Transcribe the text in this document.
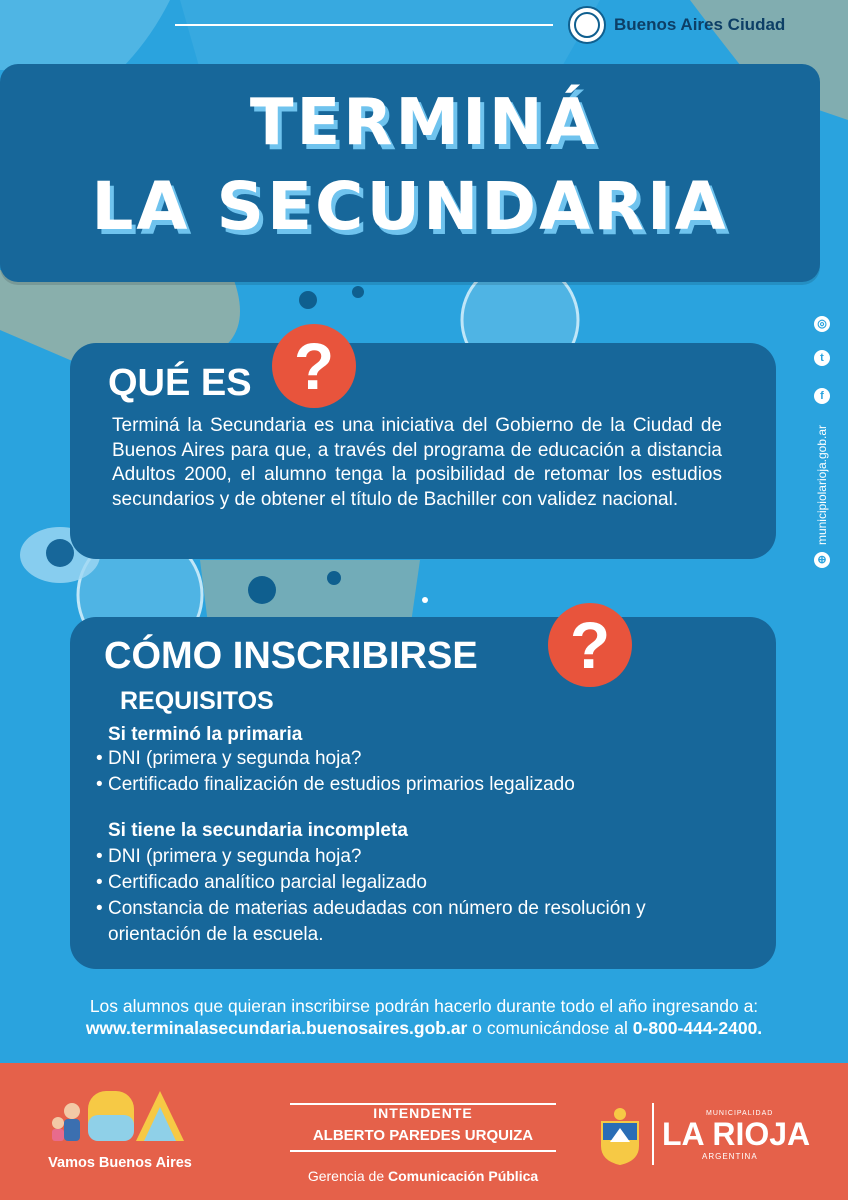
Buenos Aires Ciudad
TERMINÁ
LA SECUNDARIA
QUÉ ES ?
Terminá la Secundaria es una iniciativa del Gobierno de la Ciudad de Buenos Aires para que, a través del programa de educación a distancia Adultos 2000, el alumno tenga la posibilidad de retomar los estudios secundarios y de obtener el título de Bachiller con validez nacional.
CÓMO INSCRIBIRSE	?
REQUISITOS
Si terminó la primaria
• DNI (primera y segunda hoja?
• Certificado finalización de estudios primarios legalizado
Si tiene la secundaria incompleta
• DNI (primera y segunda hoja?
• Certificado analítico parcial legalizado
• Constancia de materias adeudadas con número de resolución y orientación de la escuela.
Los alumnos que quieran inscribirse podrán hacerlo durante todo el año ingresando a:
www.terminalasecundaria.buenosaires.gob.ar o comunicándose al 0-800-444-2400.
◎
t
f
⊕
municipiolarioja.gob.ar
Vamos Buenos Aires
INTENDENTE
ALBERTO PAREDES URQUIZA
Gerencia de Comunicación Pública
MUNICIPALIDAD
LA RIOJA
ARGENTINA
